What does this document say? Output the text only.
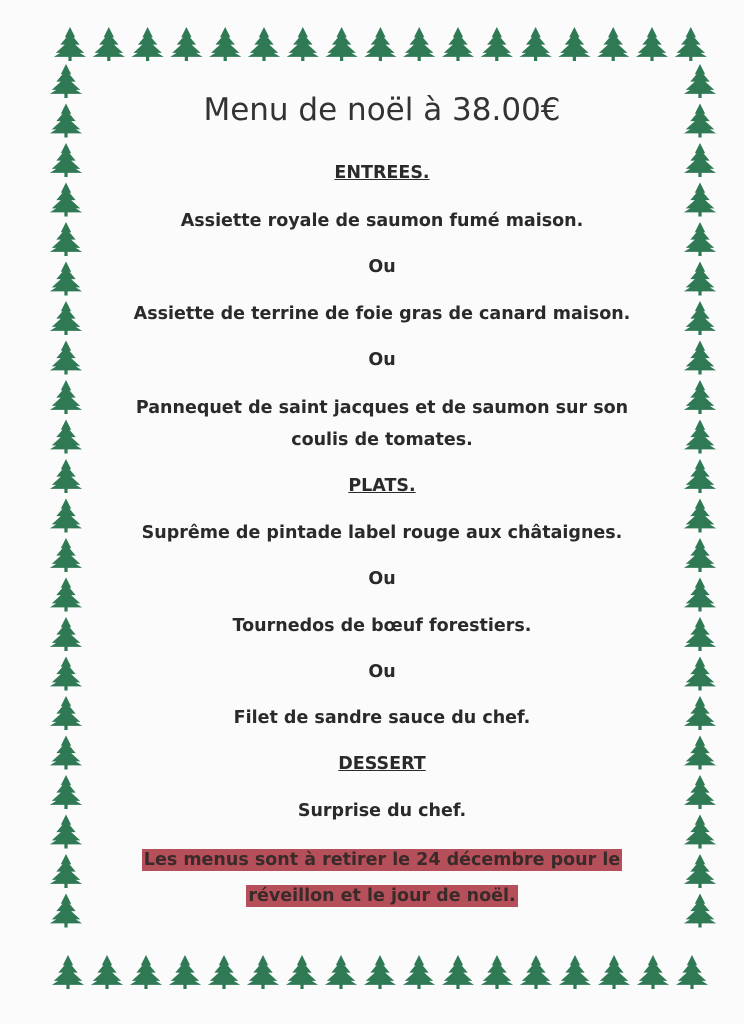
Menu de noël à 38.00€
ENTREES.
Assiette royale de saumon fumé maison.
Ou
Assiette de terrine de foie gras de canard maison.
Ou
Pannequet de saint jacques et de saumon sur son
coulis de tomates.
PLATS.
Suprême de pintade label rouge aux châtaignes.
Ou
Tournedos de bœuf forestiers.
Ou
Filet de sandre sauce du chef.
DESSERT
Surprise du chef.
Les menus sont à retirer le 24 décembre pour le
réveillon et le jour de noël.
